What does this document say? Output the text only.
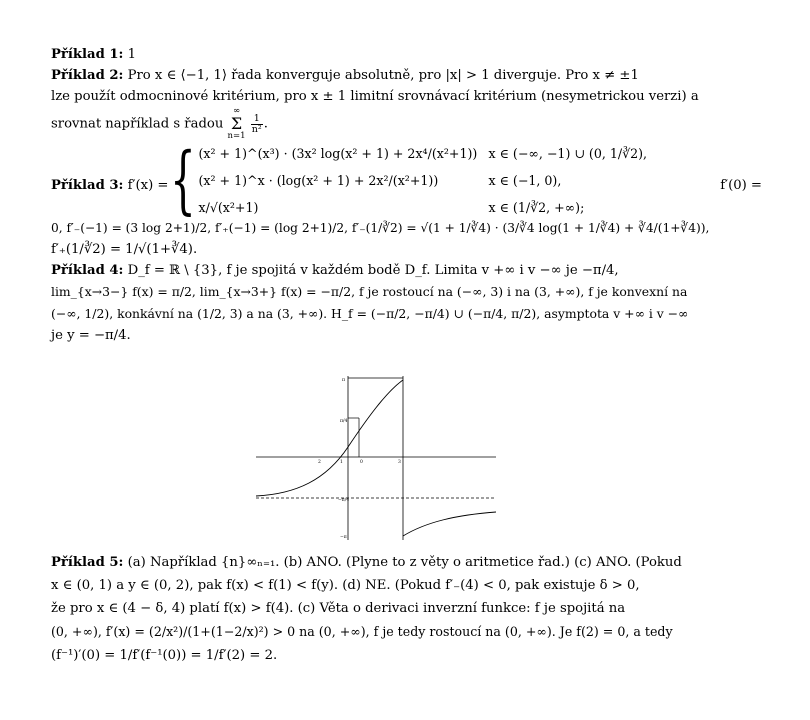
Příklad 1: 1

Příklad 2: Pro x ∈ ⟨−1, 1⟩ řada konverguje absolutně, pro |x| > 1 diverguje. Pro x ≠ ±1
lze použít odmocninové kritérium, pro x ± 1 limitní srovnávací kritérium (nesymetrickou verzi) a
srovnat například s řadou ∞
Σ
n=1
$\frac{1}{\text{n²}}$ .

Příklad 3: f′(x) = { (x² + 1)^(x³) · (3x² log(x² + 1) + 2x⁴/(x²+1)) x ∈ (−∞, −1) ∪ (0, 1/∛2),
(x² + 1)^x · (log(x² + 1) + 2x²/(x²+1))	x ∈ (−1, 0),
x/√(x²+1)	x ∈ (1/∛2, +∞);
f′(0) =

0, f′₋(−1) = (3 log 2+1)/2, f′₊(−1) = (log 2+1)/2, f′₋(1/∛2) = √(1 + 1/∛4) · (3/∛4 log(1 + 1/∛4) + ∛4/(1+∛4)),

f′₊(1/∛2) = 1/√(1+∛4).

Příklad 4: D_f = ℝ \ {3}, f je spojitá v každém bodě D_f. Limita v +∞ i v −∞ je −π/4,
lim_{x→3−} f(x) = π/2, lim_{x→3+} f(x) = −π/2, f je rostoucí na (−∞, 3) i na (3, +∞), f je konvexní na
(−∞, 1/2), konkávní na (1/2, 3) a na (3, +∞). H_f = (−π/2, −π/4) ∪ (−π/4, π/2), asymptota v +∞ i v −∞
je y = −π/4.

π
π/4
−π/4
−π
2	1	0	3

Příklad 5: (a) Například {n}∞ₙ₌₁. (b) ANO. (Plyne to z věty o aritmetice řad.) (c) ANO. (Pokud
x ∈ (0, 1) a y ∈ (0, 2), pak f(x) < f(1) < f(y). (d) NE. (Pokud f′₋(4) < 0, pak existuje δ > 0,
že pro x ∈ (4 − δ, 4) platí f(x) > f(4). (c) Věta o derivaci inverzní funkce: f je spojitá na
(0, +∞), f′(x) = (2/x²)/(1+(1−2/x)²) > 0 na (0, +∞), f je tedy rostoucí na (0, +∞). Je f(2) = 0, a tedy
(f⁻¹)′(0) = 1/f′(f⁻¹(0)) = 1/f′(2) = 2.
